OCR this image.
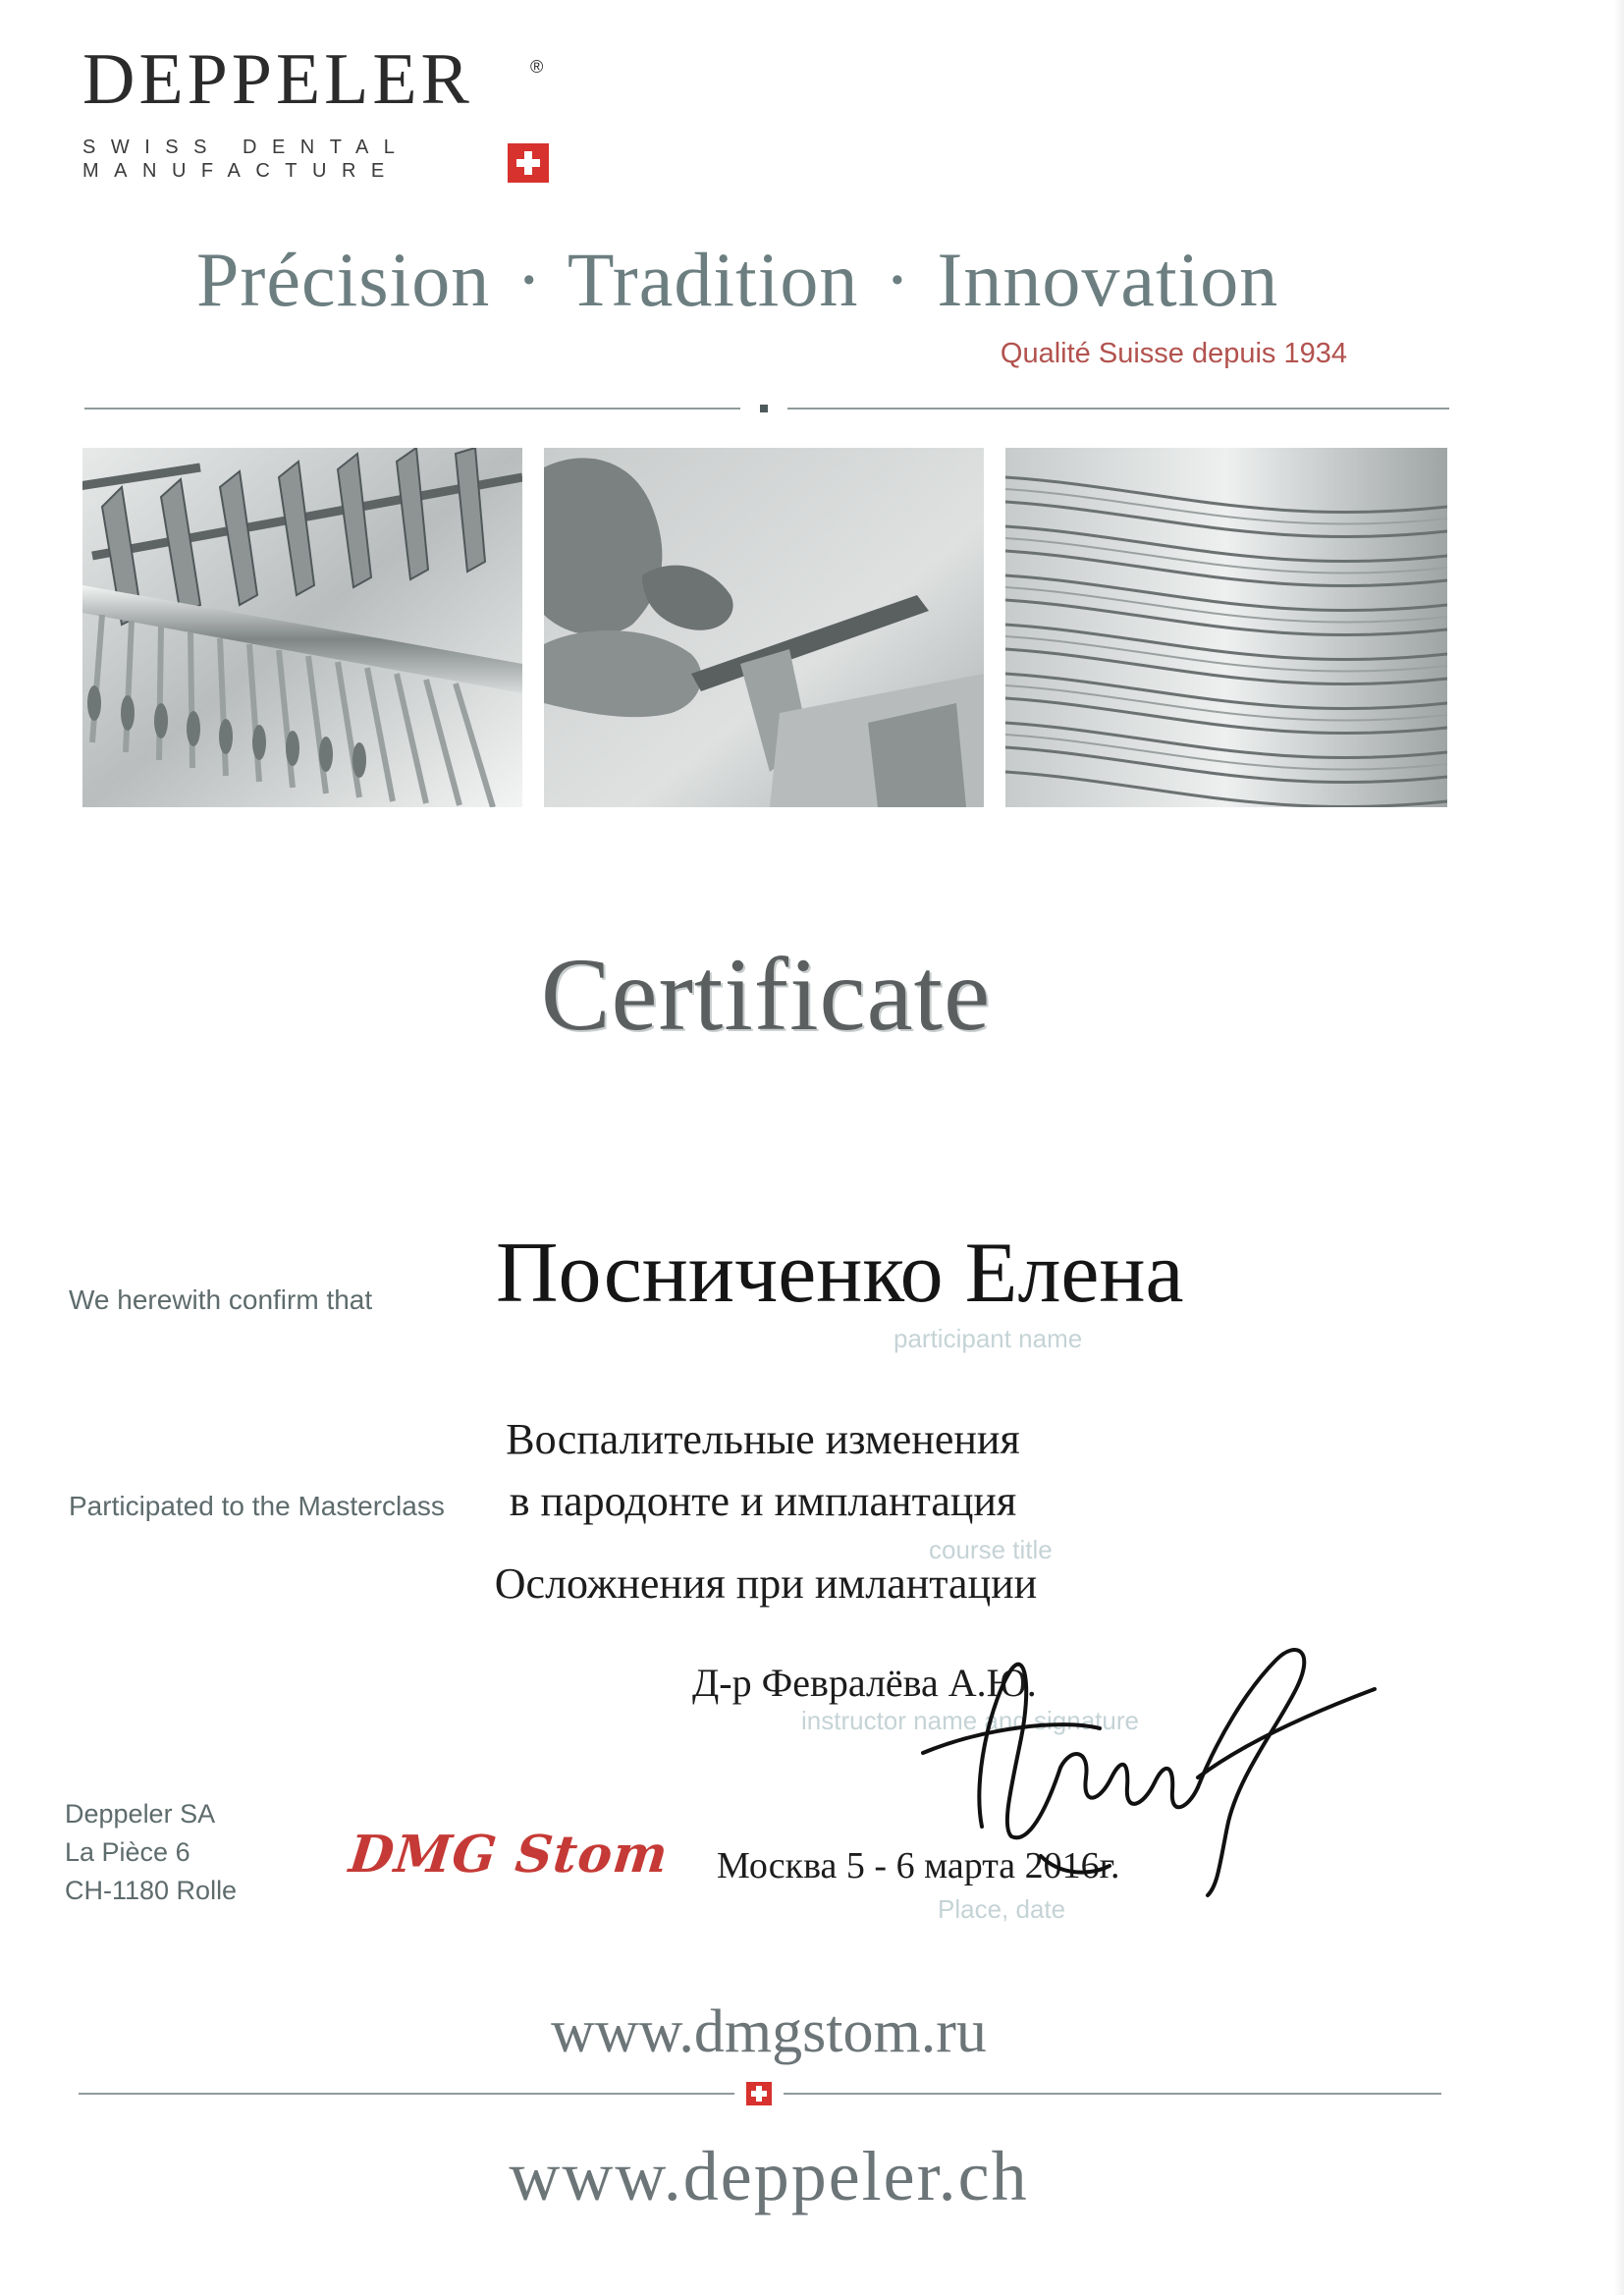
DEPPELER	®
SWISS DENTAL
MANUFACTURE
Précision · Tradition · Innovation
Qualité Suisse depuis 1934
Certificate
We herewith confirm that Посниченко Елена
participant name
Participated to the Masterclass
Воспалительные изменения
в пародонте и имплантация
course title
Осложнения при имлантации
Д-р Февралёва А.Ю.
instructor name and signature
Москва 5 - 6 марта 2016г.
Place, date
Deppeler SA
La Pièce 6
CH-1180 Rolle
DMG Stom
www.dmgstom.ru
www.deppeler.ch
